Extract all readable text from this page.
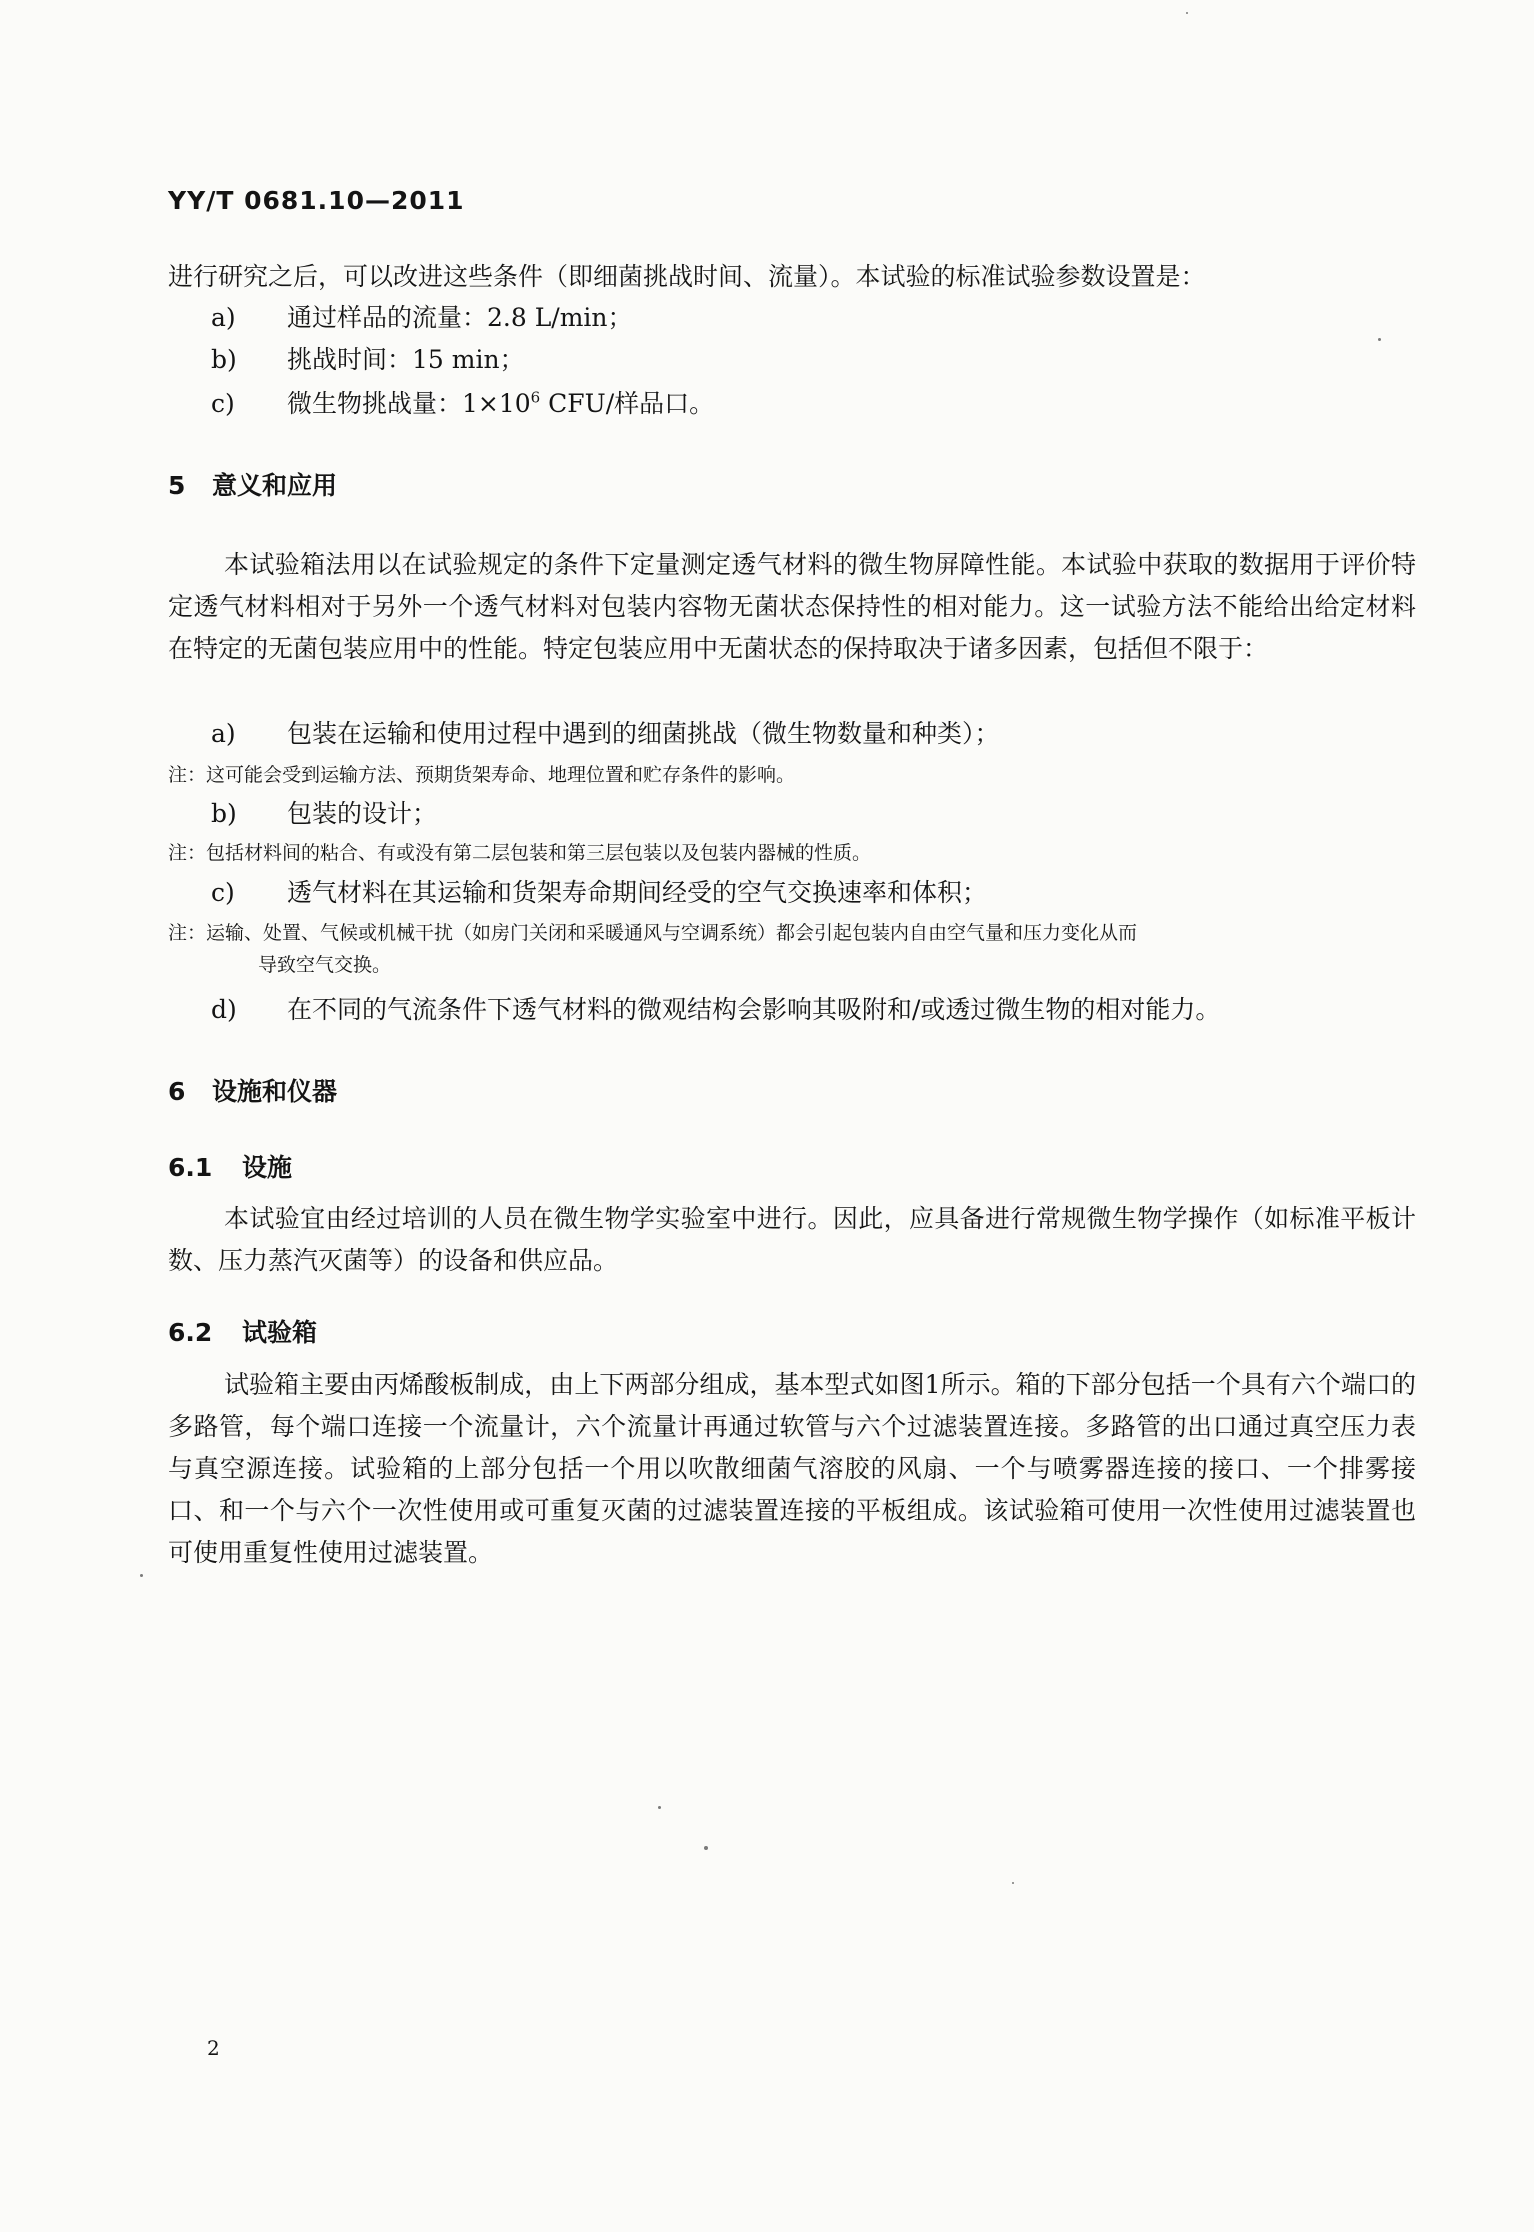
YY/T 0681.10—2011
进行研究之后，可以改进这些条件（即细菌挑战时间、流量）。本试验的标准试验参数设置是：
a) 通过样品的流量：2.8 L/min；
b) 挑战时间：15 min；
c) 微生物挑战量：$1\times 10^6$ CFU/样品口。
5 意义和应用
本试验箱法用以在试验规定的条件下定量测定透气材料的微生物屏障性能。本试验中获取的数据用于评价特定透气材料相对于另外一个透气材料对包装内容物无菌状态保持性的相对能力。这一试验方法不能给出给定材料在特定的无菌包装应用中的性能。特定包装应用中无菌状态的保持取决于诸多因素，包括但不限于：
a) 包装在运输和使用过程中遇到的细菌挑战（微生物数量和种类）；
注：这可能会受到运输方法、预期货架寿命、地理位置和贮存条件的影响。
b) 包装的设计；
注：包括材料间的粘合、有或没有第二层包装和第三层包装以及包装内器械的性质。
c) 透气材料在其运输和货架寿命期间经受的空气交换速率和体积；
注：运输、处置、气候或机械干扰（如房门关闭和采暖通风与空调系统）都会引起包装内自由空气量和压力变化从而
导致空气交换。
d) 在不同的气流条件下透气材料的微观结构会影响其吸附和/或透过微生物的相对能力。
6 设施和仪器
6.1 设施
本试验宜由经过培训的人员在微生物学实验室中进行。因此，应具备进行常规微生物学操作（如标准平板计数、压力蒸汽灭菌等）的设备和供应品。
6.2 试验箱
试验箱主要由丙烯酸板制成，由上下两部分组成，基本型式如图1所示。箱的下部分包括一个具有六个端口的多路管，每个端口连接一个流量计，六个流量计再通过软管与六个过滤装置连接。多路管的出口通过真空压力表与真空源连接。试验箱的上部分包括一个用以吹散细菌气溶胶的风扇、一个与喷雾器连接的接口、一个排雾接口、和一个与六个一次性使用或可重复灭菌的过滤装置连接的平板组成。该试验箱可使用一次性使用过滤装置也可使用重复性使用过滤装置。
2
